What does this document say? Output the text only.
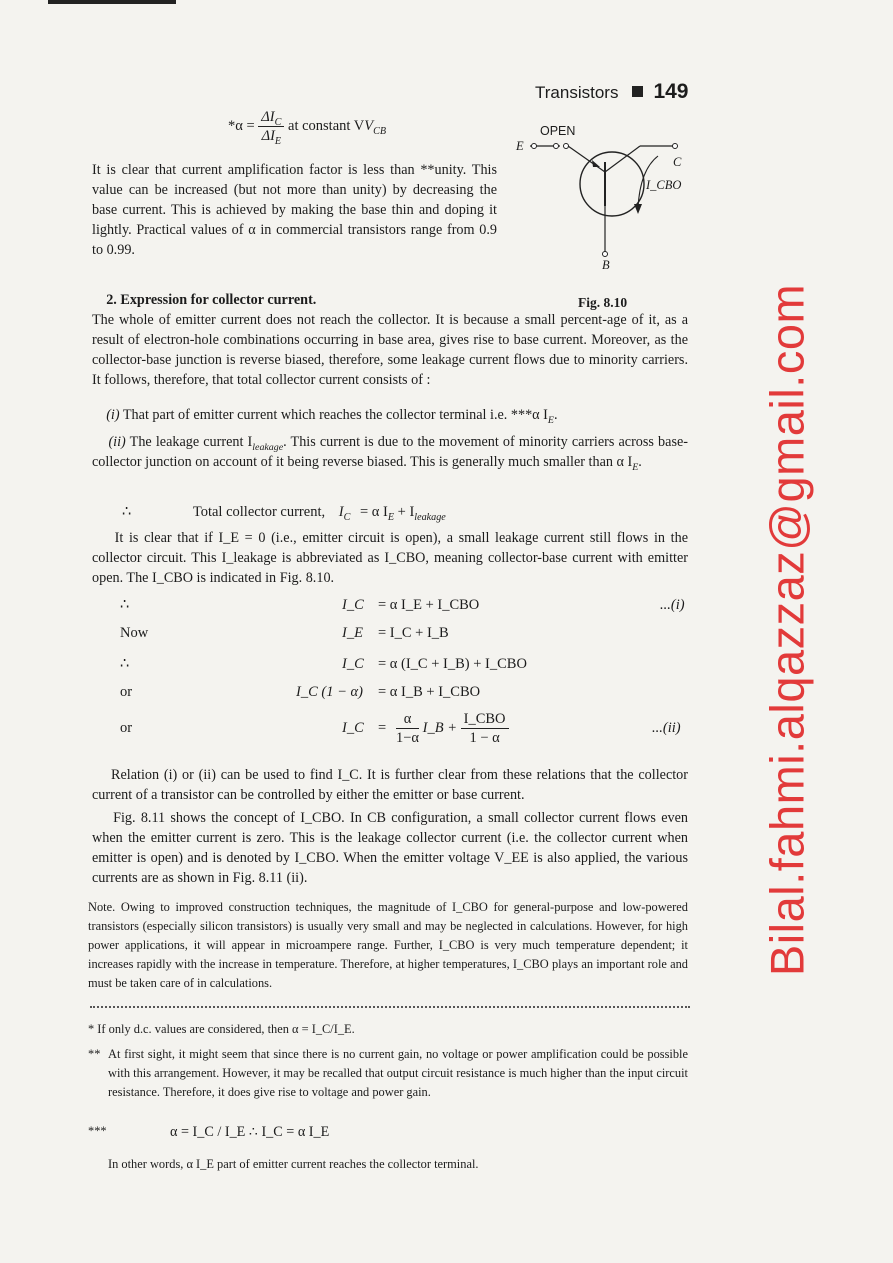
Transistors 149
$*\alpha = \frac{\Delta I_C}{\Delta I_E}$ at constant $VV_{CB}$
It is clear that current amplification factor is less than **unity. This value can be increased (but not more than unity) by decreasing the base current. This is achieved by making the base thin and doping it lightly. Practical values of α in commercial transistors range from 0.9 to 0.99.
2. Expression for collector current.
The whole of emitter current does not reach the collector. It is because a small percent-age of it, as a result of electron-hole combinations occurring in base area, gives rise to base current. Moreover, as the collector-base junction is reverse biased, therefore, some leakage current flows due to minority carriers. It follows, therefore, that total collector current consists of :
OPEN
E
C
I_CBO
B
Fig. 8.10
(i) That part of emitter current which reaches the collector terminal i.e. ***α $I_E$.
(ii) The leakage current $I_{leakage}$. This current is due to the movement of minority carriers across base-collector junction on account of it being reverse biased. This is generally much smaller than α $I_E$.
∴	Total collector current, $I_C = \alpha$ $I_E + I_{leakage}$
It is clear that if I_E = 0 (i.e., emitter circuit is open), a small leakage current still flows in the collector circuit. This I_leakage is abbreviated as I_CBO, meaning collector-base current with emitter open. The I_CBO is indicated in Fig. 8.10.
∴	I_C = α I_E + I_CBO	...(i)
Now	I_E = I_C + I_B
∴	I_C = α (I_C + I_B) + I_CBO
or	I_C (1 − α) = α I_B + I_CBO
or	I_C = $\frac{\alpha}{1-\alpha}$ I_B + $\frac{\text{I\_CBO}}{1 - \alpha}$	...(ii)
Relation (i) or (ii) can be used to find I_C. It is further clear from these relations that the collector current of a transistor can be controlled by either the emitter or base current.
Fig. 8.11 shows the concept of I_CBO. In CB configuration, a small collector current flows even when the emitter current is zero. This is the leakage collector current (i.e. the collector current when emitter is open) and is denoted by I_CBO. When the emitter voltage V_EE is also applied, the various currents are as shown in Fig. 8.11 (ii).
Note. Owing to improved construction techniques, the magnitude of I_CBO for general-purpose and low-powered transistors (especially silicon transistors) is usually very small and may be neglected in calculations. However, for high power applications, it will appear in microampere range. Further, I_CBO is very much temperature dependent; it increases rapidly with the increase in temperature. Therefore, at higher temperatures, I_CBO plays an important role and must be taken care of in calculations.
* If only d.c. values are considered, then α = I_C/I_E.
** At first sight, it might seem that since there is no current gain, no voltage or power amplification could be possible with this arrangement. However, it may be recalled that output circuit resistance is much higher than the input circuit resistance. Therefore, it does give rise to voltage and power gain.
***	α = I_C / I_E ∴ I_C = α I_E
In other words, α I_E part of emitter current reaches the collector terminal.
Bilal.fahmi.alqazzaz@gmail.com
